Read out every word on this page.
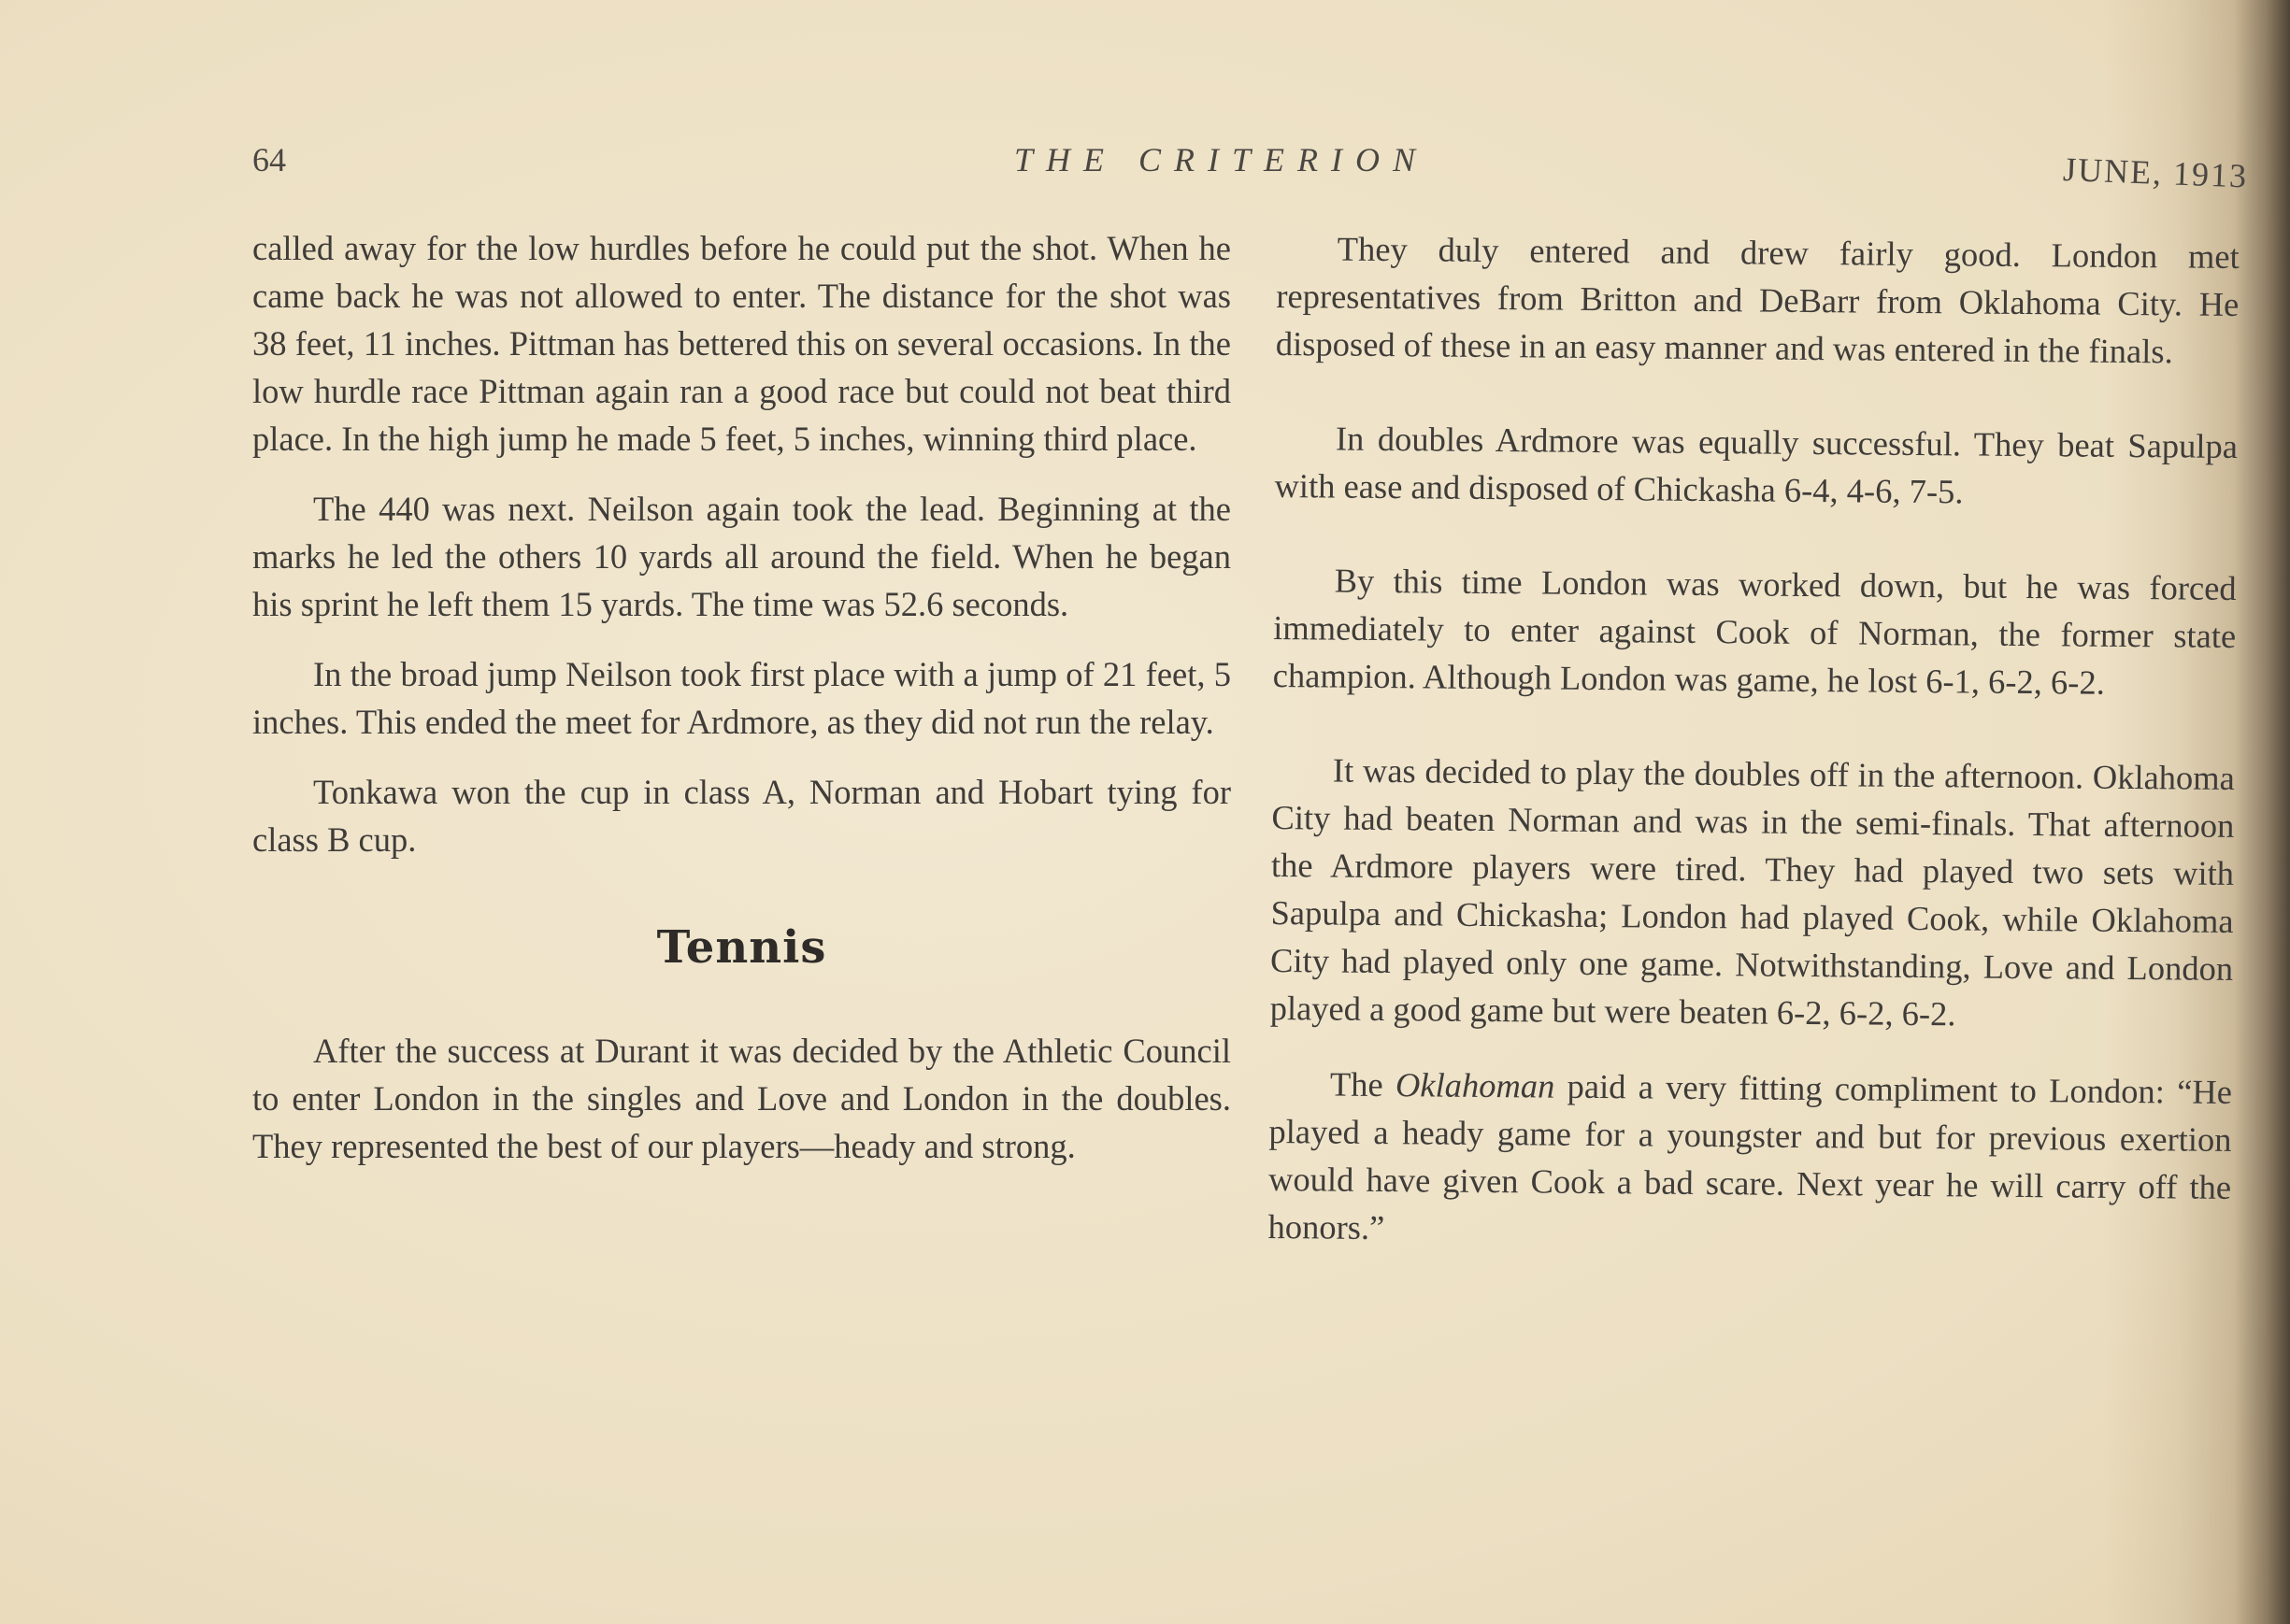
64	THE CRITERION	JUNE, 1913

called away for the low hurdles before he could put the shot. When he came back he was not allowed to enter. The distance for the shot was 38 feet, 11 inches. Pittman has bettered this on several occasions. In the low hurdle race Pittman again ran a good race but could not beat third place. In the high jump he made 5 feet, 5 inches, winning third place.

The 440 was next. Neilson again took the lead. Beginning at the marks he led the others 10 yards all around the field. When he began his sprint he left them 15 yards. The time was 52.6 seconds.

In the broad jump Neilson took first place with a jump of 21 feet, 5 inches. This ended the meet for Ardmore, as they did not run the relay.

Tonkawa won the cup in class A, Norman and Hobart tying for class B cup.

Tennis

After the success at Durant it was decided by the Athletic Council to enter London in the singles and Love and London in the doubles. They represented the best of our players—heady and strong.

They duly entered and drew fairly good. London met representatives from Britton and DeBarr from Oklahoma City. He disposed of these in an easy manner and was entered in the finals.

In doubles Ardmore was equally successful. They beat Sapulpa with ease and disposed of Chickasha 6-4, 4-6, 7-5.

By this time London was worked down, but he was forced immediately to enter against Cook of Norman, the former state champion. Although London was game, he lost 6-1, 6-2, 6-2.

It was decided to play the doubles off in the afternoon. Oklahoma City had beaten Norman and was in the semi-finals. That afternoon the Ardmore players were tired. They had played two sets with Sapulpa and Chickasha; London had played Cook, while Oklahoma City had played only one game. Notwithstanding, Love and London played a good game but were beaten 6-2, 6-2, 6-2.

The Oklahoman paid a very fitting compliment to London: “He played a heady game for a youngster and but for previous exertion would have given Cook a bad scare. Next year he will carry off the honors.”
